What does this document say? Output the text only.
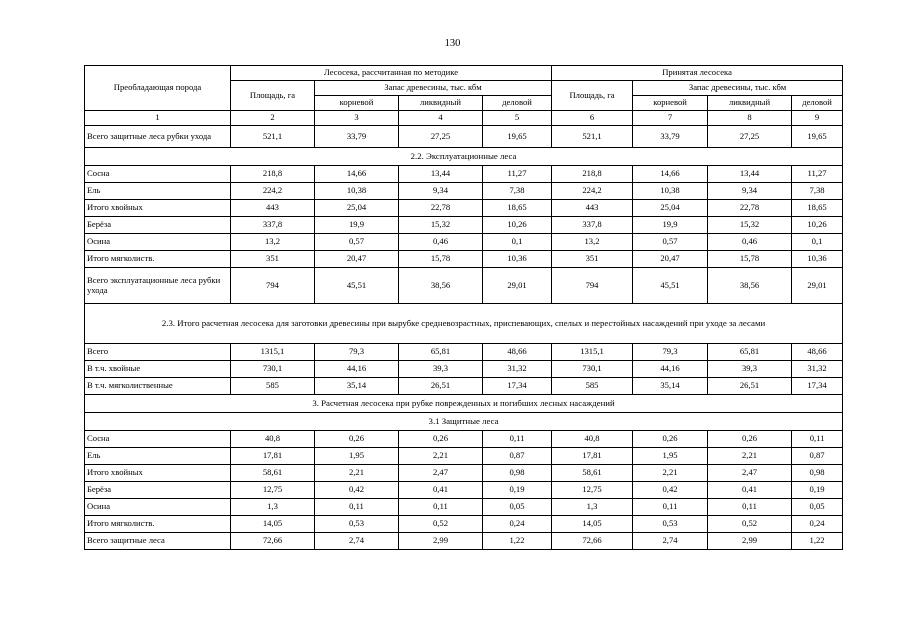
130
Преобладающая порода	Лесосека, рассчитанная по методике				Принятая лесосека			
	Площадь, га	Запас древесины, тыс. кбм			Площадь, га	Запас древесины, тыс. кбм		
		корневой	ликвидный	деловой		корневой	ликвидный	деловой
1	2	3	4	5	6	7	8	9
Всего защитные леса рубки ухода	521,1	33,79	27,25	19,65	521,1	33,79	27,25	19,65
2.2. Эксплуатационные леса								
Сосна	218,8	14,66	13,44	11,27	218,8	14,66	13,44	11,27
Ель	224,2	10,38	9,34	7,38	224,2	10,38	9,34	7,38
Итого хвойных	443	25,04	22,78	18,65	443	25,04	22,78	18,65
Берёза	337,8	19,9	15,32	10,26	337,8	19,9	15,32	10,26
Осина	13,2	0,57	0,46	0,1	13,2	0,57	0,46	0,1
Итого мягколиств.	351	20,47	15,78	10,36	351	20,47	15,78	10,36
Всего эксплуатационные леса рубки ухода	794	45,51	38,56	29,01	794	45,51	38,56	29,01
2.3. Итого расчетная лесосека для заготовки древесины при вырубке средневозрастных, приспевающих, спелых и перестойных насаждений при уходе за лесами								
Всего	1315,1	79,3	65,81	48,66	1315,1	79,3	65,81	48,66
В т.ч. хвойные	730,1	44,16	39,3	31,32	730,1	44,16	39,3	31,32
В т.ч. мягколиственные	585	35,14	26,51	17,34	585	35,14	26,51	17,34
3. Расчетная лесосека при рубке поврежденных и погибших лесных насаждений								
3.1 Защитные леса								
Сосна	40,8	0,26	0,26	0,11	40,8	0,26	0,26	0,11
Ель	17,81	1,95	2,21	0,87	17,81	1,95	2,21	0,87
Итого хвойных	58,61	2,21	2,47	0,98	58,61	2,21	2,47	0,98
Берёза	12,75	0,42	0,41	0,19	12,75	0,42	0,41	0,19
Осина	1,3	0,11	0,11	0,05	1,3	0,11	0,11	0,05
Итого мягколиств.	14,05	0,53	0,52	0,24	14,05	0,53	0,52	0,24
Всего защитные леса	72,66	2,74	2,99	1,22	72,66	2,74	2,99	1,22
